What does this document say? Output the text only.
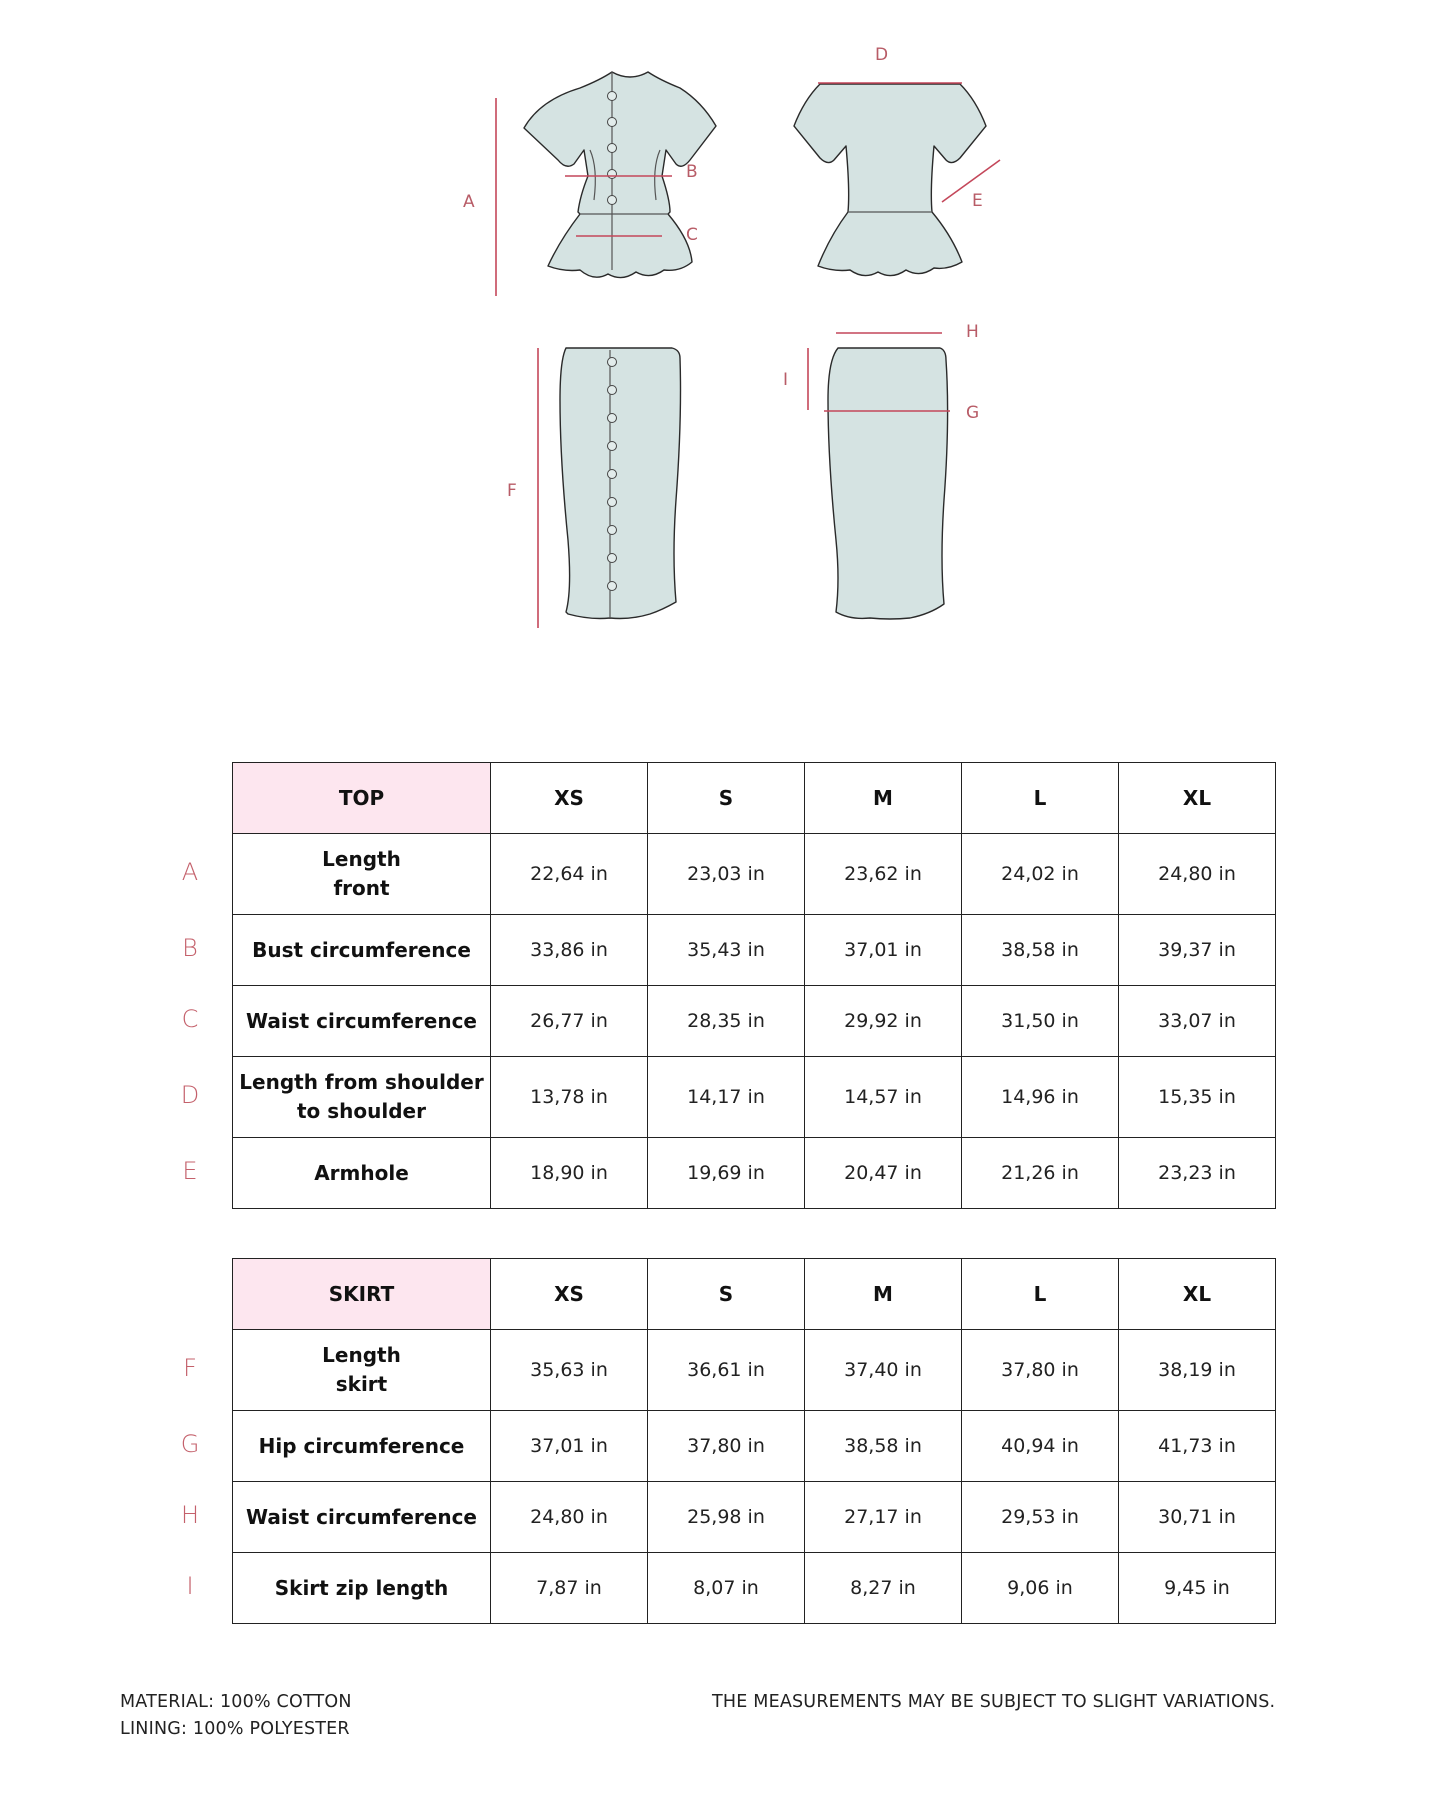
A
B
C
D
E
F
G
H
I
A
B
C
D
E
F
G
H
I
TOP	XS	S	M	L	XL

Length
front	22,64 in	23,03 in	23,62 in	24,02 in	24,80 in

Bust circumference	33,86 in	35,43 in	37,01 in	38,58 in	39,37 in

Waist circumference	26,77 in	28,35 in	29,92 in	31,50 in	33,07 in

Length from shoulder
to shoulder	13,78 in	14,17 in	14,57 in	14,96 in	15,35 in

Armhole	18,90 in	19,69 in	20,47 in	21,26 in	23,23 in
SKIRT	XS	S	M	L	XL

Length
skirt	35,63 in	36,61 in	37,40 in	37,80 in	38,19 in

Hip circumference	37,01 in	37,80 in	38,58 in	40,94 in	41,73 in

Waist circumference	24,80 in	25,98 in	27,17 in	29,53 in	30,71 in

Skirt zip length	7,87 in	8,07 in	8,27 in	9,06 in	9,45 in
MATERIAL: 100% COTTON
LINING: 100% POLYESTER
THE MEASUREMENTS MAY BE SUBJECT TO SLIGHT VARIATIONS.
